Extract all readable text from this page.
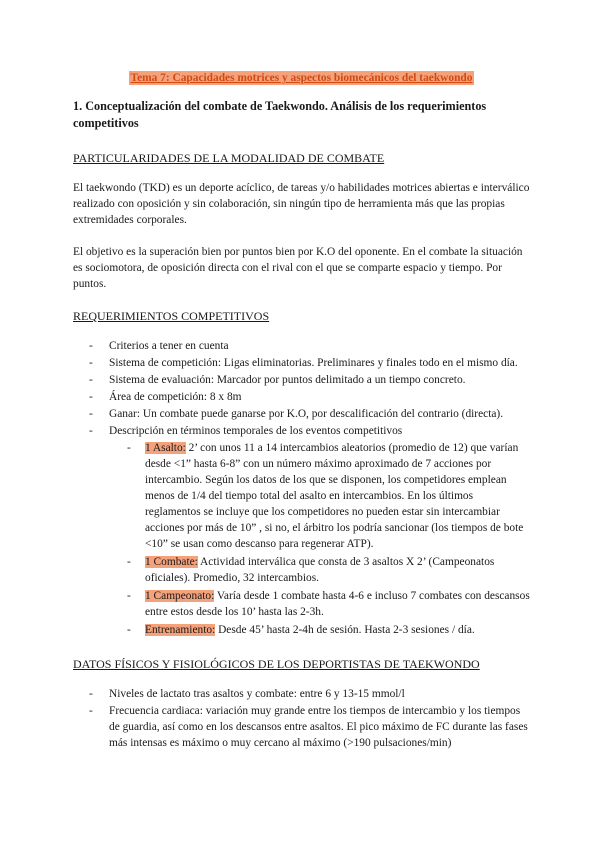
Tema 7: Capacidades motrices y aspectos biomecánicos del taekwondo
1. Conceptualización del combate de Taekwondo. Análisis de los requerimientos competitivos
PARTICULARIDADES DE LA MODALIDAD DE COMBATE

El taekwondo (TKD) es un deporte acíclico, de tareas y/o habilidades motrices abiertas e interválico realizado con oposición y sin colaboración, sin ningún tipo de herramienta más que las propias extremidades corporales.

El objetivo es la superación bien por puntos bien por K.O del oponente. En el combate la situación es sociomotora, de oposición directa con el rival con el que se comparte espacio y tiempo. Por puntos.

REQUERIMIENTOS COMPETITIVOS
- Criterios a tener en cuenta
- Sistema de competición: Ligas eliminatorias. Preliminares y finales todo en el mismo día.
- Sistema de evaluación: Marcador por puntos delimitado a un tiempo concreto.
- Área de competición: 8 x 8m
- Ganar: Un combate puede ganarse por K.O, por descalificación del contrario (directa).
- Descripción en términos temporales de los eventos competitivos
- 1 Asalto: 2’ con unos 11 a 14 intercambios aleatorios (promedio de 12) que varían desde <1” hasta 6-8” con un número máximo aproximado de 7 acciones por intercambio. Según los datos de los que se disponen, los competidores emplean menos de 1/4 del tiempo total del asalto en intercambios. En los últimos reglamentos se incluye que los competidores no pueden estar sin intercambiar acciones por más de 10” , si no, el árbitro los podría sancionar (los tiempos de bote <10” se usan como descanso para regenerar ATP).
- 1 Combate: Actividad interválica que consta de 3 asaltos X 2’ (Campeonatos oficiales). Promedio, 32 intercambios.
- 1 Campeonato: Varía desde 1 combate hasta 4-6 e incluso 7 combates con descansos entre estos desde los 10’ hasta las 2-3h.
- Entrenamiento: Desde 45’ hasta 2-4h de sesión. Hasta 2-3 sesiones / día.
DATOS FÍSICOS Y FISIOLÓGICOS DE LOS DEPORTISTAS DE TAEKWONDO
- Niveles de lactato tras asaltos y combate: entre 6 y 13-15 mmol/l
- Frecuencia cardiaca: variación muy grande entre los tiempos de intercambio y los tiempos de guardia, así como en los descansos entre asaltos. El pico máximo de FC durante las fases más intensas es máximo o muy cercano al máximo (>190 pulsaciones/min)
